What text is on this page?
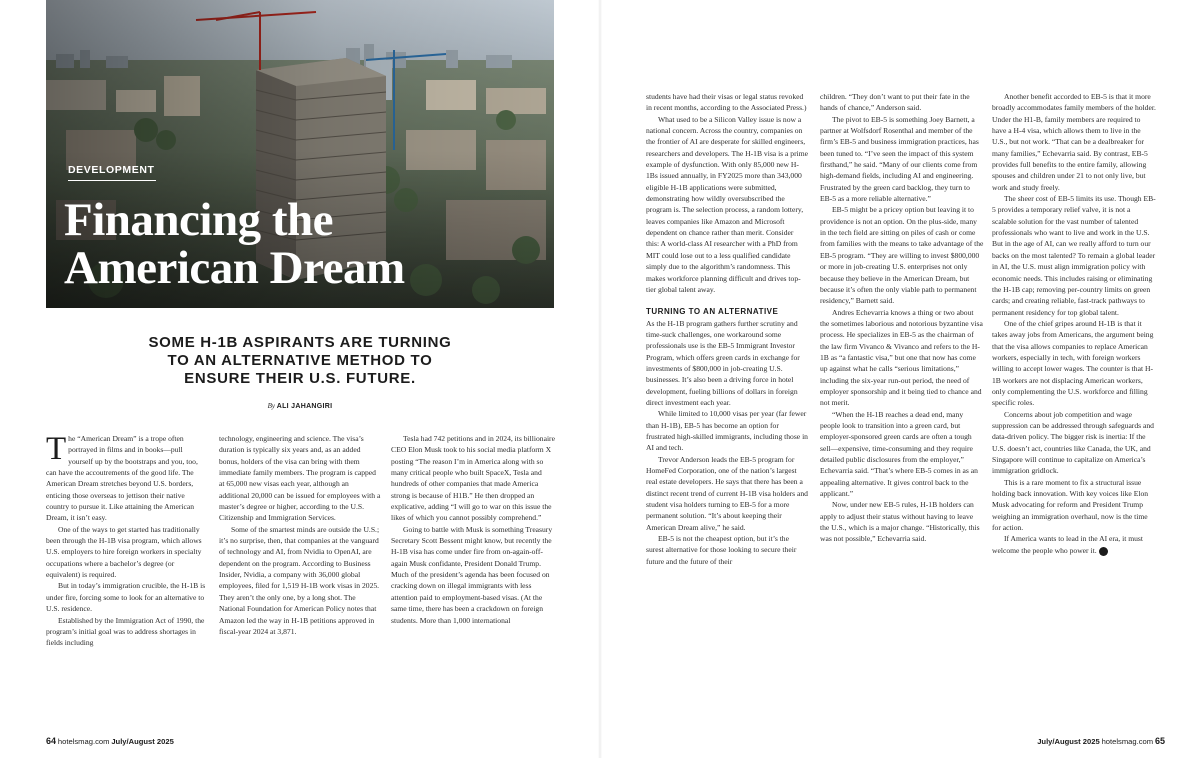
DEVELOPMENT
Financing the
American Dream
SOME H-1B ASPIRANTS ARE TURNING
TO AN ALTERNATIVE METHOD TO
ENSURE THEIR U.S. FUTURE.
By ALI JAHANGIRI

The “American Dream” is a trope often portrayed in films and in books—pull yourself up by the bootstraps and you, too, can have the accoutrements of the good life. The American Dream stretches beyond U.S. borders, enticing those overseas to jettison their native country to pursue it. Like attaining the American Dream, it isn’t easy.

One of the ways to get started has traditionally been through the H-1B visa program, which allows U.S. employers to hire foreign workers in specialty occupations where a bachelor’s degree (or equivalent) is required.

But in today’s immigration crucible, the H-1B is under fire, forcing some to look for an alternative to U.S. residence.

Established by the Immigration Act of 1990, the program’s initial goal was to address shortages in fields including

technology, engineering and science. The visa’s duration is typically six years and, as an added bonus, holders of the visa can bring with them immediate family members. The program is capped at 65,000 new visas each year, although an additional 20,000 can be issued for employees with a master’s degree or higher, according to the U.S. Citizenship and Immigration Services.

Some of the smartest minds are outside the U.S.; it’s no surprise, then, that companies at the vanguard of technology and AI, from Nvidia to OpenAI, are dependent on the program. According to Business Insider, Nvidia, a company with 36,000 global employees, filed for 1,519 H-1B work visas in 2025. They aren’t the only one, by a long shot. The National Foundation for American Policy notes that Amazon led the way in H-1B petitions approved in fiscal-year 2024 at 3,871.

Tesla had 742 petitions and in 2024, its billionaire CEO Elon Musk took to his social media platform X posting “The reason I’m in America along with so many critical people who built SpaceX, Tesla and hundreds of other companies that made America strong is because of H1B.” He then dropped an explicative, adding “I will go to war on this issue the likes of which you cannot possibly comprehend.”

Going to battle with Musk is something Treasury Secretary Scott Bessent might know, but recently the H-1B visa has come under fire from on-again-off-again Musk confidante, President Donald Trump. Much of the president’s agenda has been focused on cracking down on illegal immigrants with less attention paid to employment-based visas. (At the same time, there has been a crackdown on foreign students. More than 1,000 international

students have had their visas or legal status revoked in recent months, according to the Associated Press.)

What used to be a Silicon Valley issue is now a national concern. Across the country, companies on the frontier of AI are desperate for skilled engineers, researchers and developers. The H-1B visa is a prime example of dysfunction. With only 85,000 new H-1Bs issued annually, in FY2025 more than 343,000 eligible H-1B applications were submitted, demonstrating how wildly oversubscribed the program is. The selection process, a random lottery, leaves companies like Amazon and Microsoft dependent on chance rather than merit. Consider this: A world-class AI researcher with a PhD from MIT could lose out to a less qualified candidate simply due to the algorithm’s randomness. This makes workforce planning difficult and drives top-tier global talent away.

TURNING TO AN ALTERNATIVE

As the H-1B program gathers further scrutiny and time-suck challenges, one workaround some professionals use is the EB-5 Immigrant Investor Program, which offers green cards in exchange for investments of $800,000 in job-creating U.S. businesses. It’s also been a driving force in hotel development, fueling billions of dollars in foreign direct investment each year.

While limited to 10,000 visas per year (far fewer than H-1B), EB-5 has become an option for frustrated high-skilled immigrants, including those in AI and tech.

Trevor Anderson leads the EB-5 program for HomeFed Corporation, one of the nation’s largest real estate developers. He says that there has been a distinct recent trend of current H-1B visa holders and student visa holders turning to EB-5 for a more permanent solution. “It’s about keeping their American Dream alive,” he said.

EB-5 is not the cheapest option, but it’s the surest alternative for those looking to secure their future and the future of their

children. “They don’t want to put their fate in the hands of chance,” Anderson said.

The pivot to EB-5 is something Joey Barnett, a partner at Wolfsdorf Rosenthal and member of the firm’s EB-5 and business immigration practices, has been tuned to. “I’ve seen the impact of this system firsthand,” he said. “Many of our clients come from high-demand fields, including AI and engineering. Frustrated by the green card backlog, they turn to EB-5 as a more reliable alternative.”

EB-5 might be a pricey option but leaving it to providence is not an option. On the plus-side, many in the tech field are sitting on piles of cash or come from families with the means to take advantage of the EB-5 program. “They are willing to invest $800,000 or more in job-creating U.S. enterprises not only because they believe in the American Dream, but because it’s often the only viable path to permanent residency,” Barnett said.

Andres Echevarria knows a thing or two about the sometimes laborious and notorious byzantine visa process. He specializes in EB-5 as the chairman of the law firm Vivanco & Vivanco and refers to the H-1B as “a fantastic visa,” but one that now has come up against what he calls “serious limitations,” including the six-year run-out period, the need of employer sponsorship and it being tied to chance and not merit.

“When the H-1B reaches a dead end, many people look to transition into a green card, but employer-sponsored green cards are often a tough sell—expensive, time-consuming and they require detailed public disclosures from the employer,” Echevarria said. “That’s where EB-5 comes in as an appealing alternative. It gives control back to the applicant.”

Now, under new EB-5 rules, H-1B holders can apply to adjust their status without having to leave the U.S., which is a major change. “Historically, this was not possible,” Echevarria said.

Another benefit accorded to EB-5 is that it more broadly accommodates family members of the holder. Under the H1-B, family members are required to have a H-4 visa, which allows them to live in the U.S., but not work. “That can be a dealbreaker for many families,” Echevarria said. By contrast, EB-5 provides full benefits to the entire family, allowing spouses and children under 21 to not only live, but work and study freely.

The sheer cost of EB-5 limits its use. Though EB-5 provides a temporary relief valve, it is not a scalable solution for the vast number of talented professionals who want to live and work in the U.S. But in the age of AI, can we really afford to turn our backs on the most talented? To remain a global leader in AI, the U.S. must align immigration policy with economic needs. This includes raising or eliminating the H-1B cap; removing per-country limits on green cards; and creating reliable, fast-track pathways to permanent residency for top global talent.

One of the chief gripes around H-1B is that it takes away jobs from Americans, the argument being that the visa allows companies to replace American workers, especially in tech, with foreign workers willing to accept lower wages. The counter is that H-1B workers are not displacing American workers, only complementing the U.S. workforce and filling specific roles.

Concerns about job competition and wage suppression can be addressed through safeguards and data-driven policy. The bigger risk is inertia: If the U.S. doesn’t act, countries like Canada, the UK, and Singapore will continue to capitalize on America’s immigration gridlock.

This is a rare moment to fix a structural issue holding back innovation. With key voices like Elon Musk advocating for reform and President Trump weighing an immigration overhaul, now is the time for action.

If America wants to lead in the AI era, it must welcome the people who power it. H

64 hotelsmag.com July/August 2025	July/August 2025 hotelsmag.com 65
